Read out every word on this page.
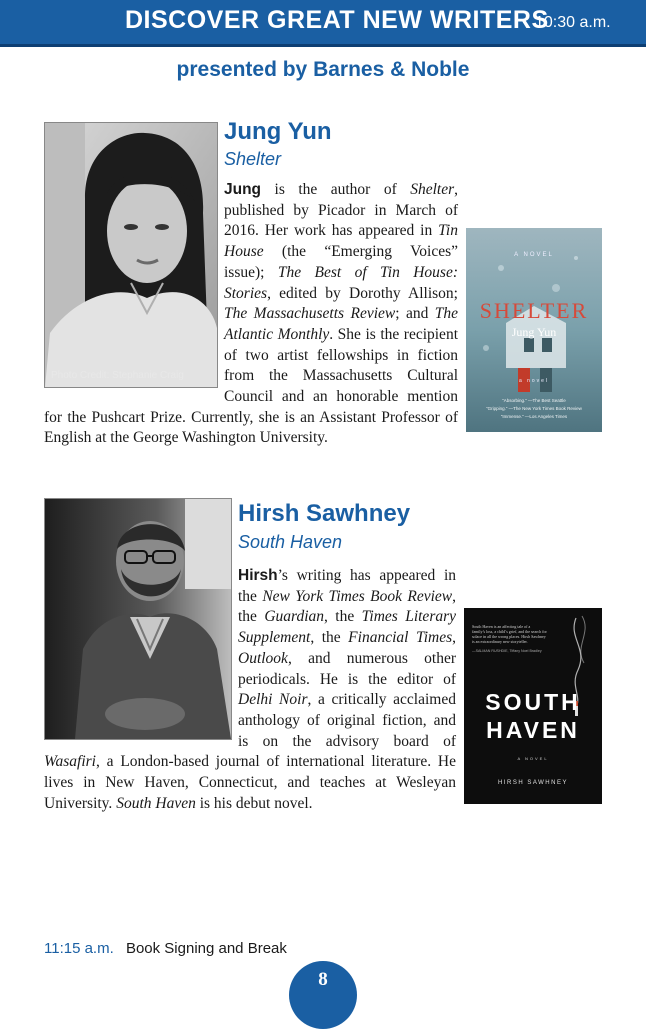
DISCOVER GREAT NEW WRITERS
10:30 a.m.
presented by Barnes & Noble
Photo Credit: Stephanie Craig
Jung Yun
Shelter
A NOVEL
SHELTER
Jung Yun
a novel
“Absorbing.” —The Best Seattle
“Gripping.” —The New York Times Book Review
“Immense.” —Los Angeles Times
Jung is the author of Shelter, published by Picador in March of 2016. Her work has appeared in Tin House (the “Emerging Voices” issue); The Best of Tin House: Stories, edited by Dorothy Allison; The Massachusetts Review; and The Atlantic Monthly. She is the recipient of two artist fellowships in fiction from the Massachusetts Cultural Council and an honorable mention for the Pushcart Prize. Currently, she is an Assistant Professor of English at the George Washington University.
Hirsh Sawhney
South Haven
South Haven is an affecting tale of a family’s loss, a child’s grief, and the search for solace in all the wrong places. Hirsh Sawhney is an extraordinary new storyteller.
—SALMAN RUSHDIE, Tiffany Noel Bradley
SOUTH
HAVEN
A NOVEL
HIRSH SAWHNEY
Hirsh’s writing has appeared in the New York Times Book Review, the Guardian, the Times Literary Supplement, the Financial Times, Outlook, and numerous other periodicals. He is the editor of Delhi Noir, a critically acclaimed anthology of original fiction, and is on the advisory board of Wasafiri, a London-based journal of international literature. He lives in New Haven, Connecticut, and teaches at Wesleyan University. South Haven is his debut novel.
11:15 a.m. Book Signing and Break
8
